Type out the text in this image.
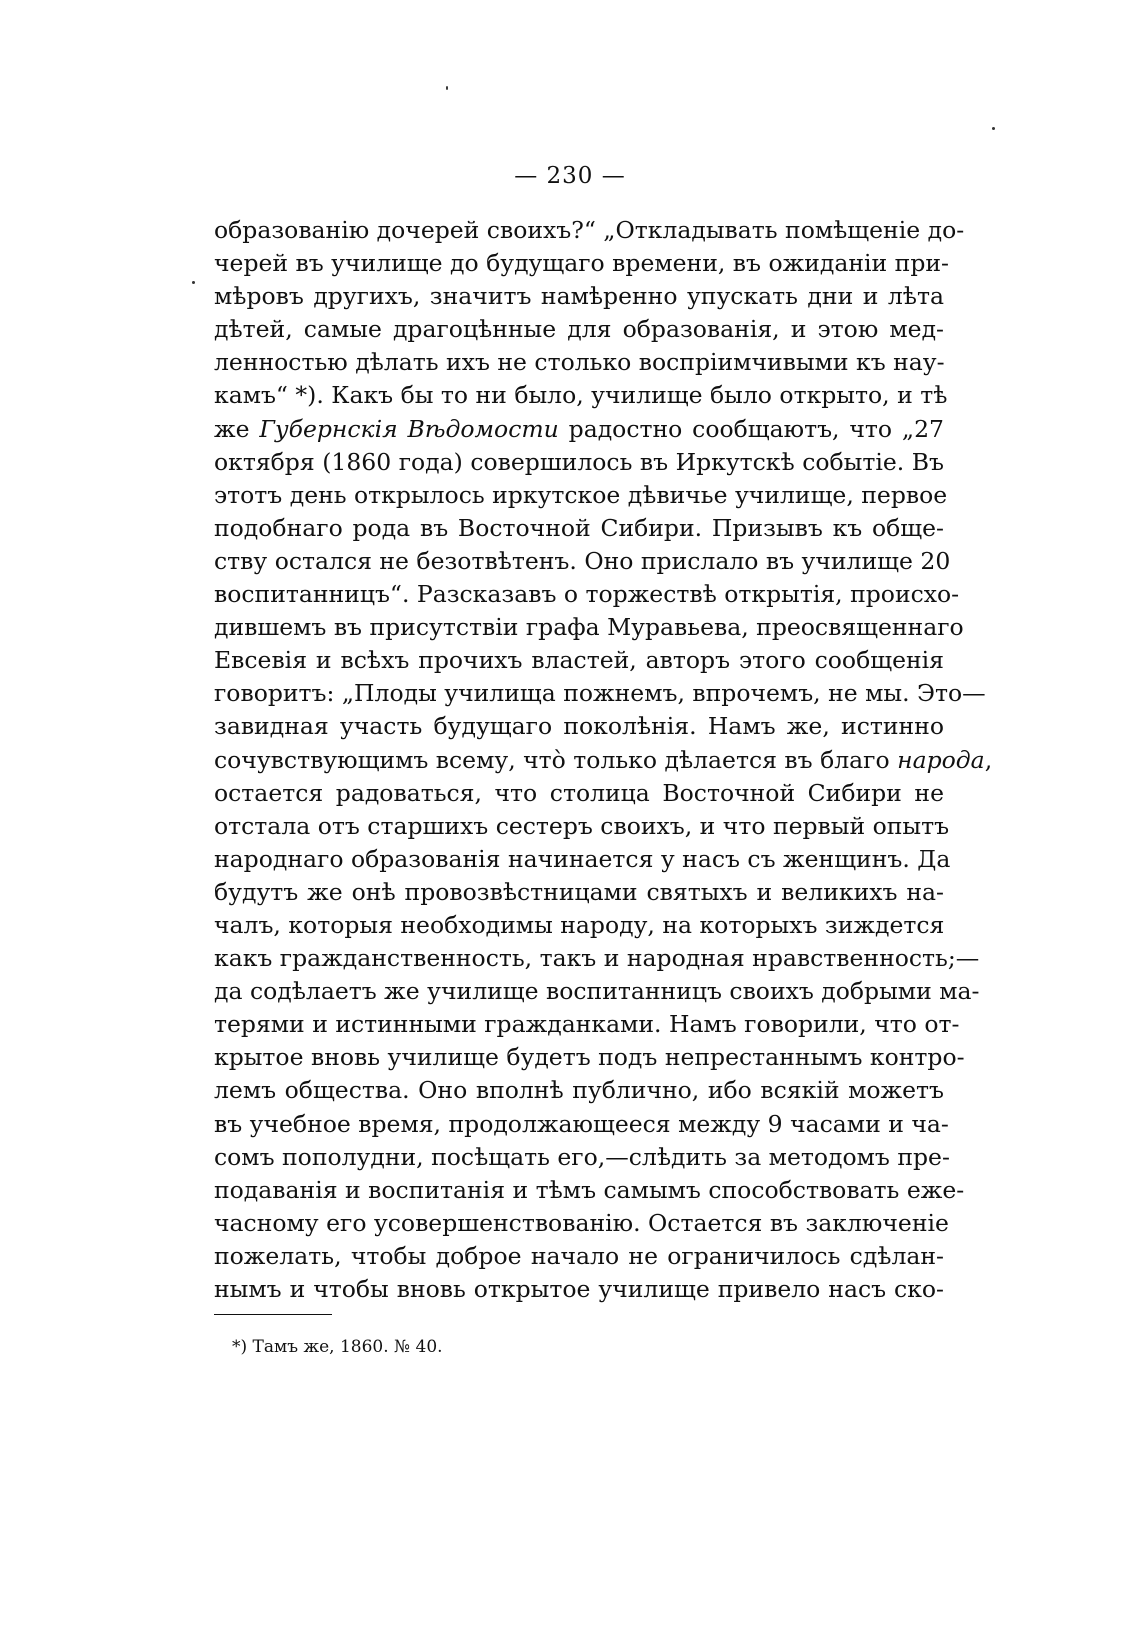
— 230 —
образованію дочерей своихъ?“ „Откладывать помѣщеніе до-
черей въ училище до будущаго времени, въ ожиданіи при-
мѣровъ другихъ, значитъ намѣренно упускать дни и лѣта
дѣтей, самые драгоцѣнные для образованія, и этою мед-
ленностью дѣлать ихъ не столько воспріимчивыми къ нау-
камъ“ *). Какъ бы то ни было, училище было открыто, и тѣ
же Губернскія Вѣдомости радостно сообщаютъ, что „27
октября (1860 года) совершилось въ Иркутскѣ событіе. Въ
этотъ день открылось иркутское дѣвичье училище, первое
подобнаго рода въ Восточной Сибири. Призывъ къ обще-
ству остался не безотвѣтенъ. Оно прислало въ училище 20
воспитанницъ“. Разсказавъ о торжествѣ открытія, происхо-
дившемъ въ присутствіи графа Муравьева, преосвященнаго
Евсевія и всѣхъ прочихъ властей, авторъ этого сообщенія
говоритъ: „Плоды училища пожнемъ, впрочемъ, не мы. Это—
завидная участь будущаго поколѣнія. Намъ же, истинно
сочувствующимъ всему, что̀ только дѣлается въ благо народа,
остается радоваться, что столица Восточной Сибири не
отстала отъ старшихъ сестеръ своихъ, и что первый опытъ
народнаго образованія начинается у насъ съ женщинъ. Да
будутъ же онѣ провозвѣстницами святыхъ и великихъ на-
чалъ, которыя необходимы народу, на которыхъ зиждется
какъ гражданственность, такъ и народная нравственность;—
да содѣлаетъ же училище воспитанницъ своихъ добрыми ма-
терями и истинными гражданками. Намъ говорили, что от-
крытое вновь училище будетъ подъ непрестаннымъ контро-
лемъ общества. Оно вполнѣ публично, ибо всякій можетъ
въ учебное время, продолжающееся между 9 часами и ча-
сомъ пополудни, посѣщать его,—слѣдить за методомъ пре-
подаванія и воспитанія и тѣмъ самымъ способствовать еже-
часному его усовершенствованію. Остается въ заключеніе
пожелать, чтобы доброе начало не ограничилось сдѣлан-
нымъ и чтобы вновь открытое училище привело насъ ско-
*) Тамъ же, 1860. № 40.
